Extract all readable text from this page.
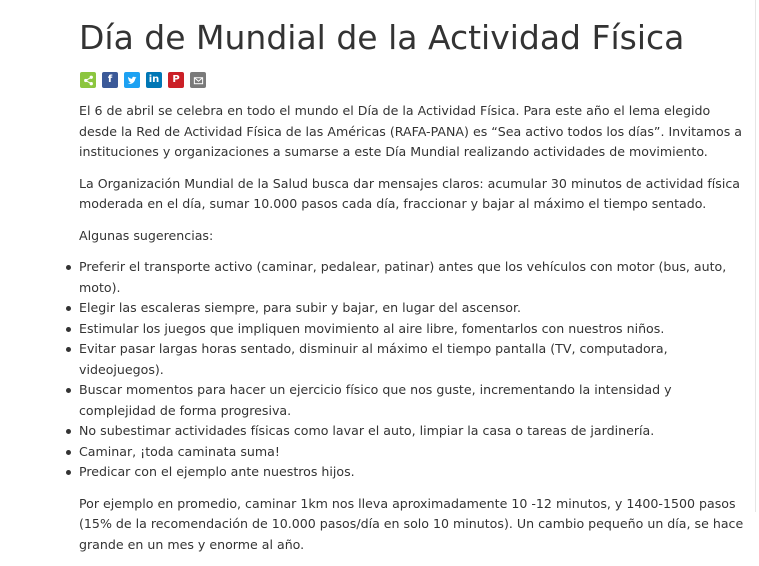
Día de Mundial de la Actividad Física
f	in	P

El 6 de abril se celebra en todo el mundo el Día de la Actividad Física. Para este año el lema elegido desde la Red de Actividad Física de las Américas (RAFA-PANA) es “Sea activo todos los días”. Invitamos a instituciones y organizaciones a sumarse a este Día Mundial realizando actividades de movimiento.

La Organización Mundial de la Salud busca dar mensajes claros: acumular 30 minutos de actividad física moderada en el día, sumar 10.000 pasos cada día, fraccionar y bajar al máximo el tiempo sentado.

Algunas sugerencias:

Preferir el transporte activo (caminar, pedalear, patinar) antes que los vehículos con motor (bus, auto, moto).
Elegir las escaleras siempre, para subir y bajar, en lugar del ascensor.
Estimular los juegos que impliquen movimiento al aire libre, fomentarlos con nuestros niños.
Evitar pasar largas horas sentado, disminuir al máximo el tiempo pantalla (TV, computadora, videojuegos).
Buscar momentos para hacer un ejercicio físico que nos guste, incrementando la intensidad y complejidad de forma progresiva.
No subestimar actividades físicas como lavar el auto, limpiar la casa o tareas de jardinería.
Caminar, ¡toda caminata suma!
Predicar con el ejemplo ante nuestros hijos.

Por ejemplo en promedio, caminar 1km nos lleva aproximadamente 10 -12 minutos, y 1400-1500 pasos (15% de la recomendación de 10.000 pasos/día en solo 10 minutos). Un cambio pequeño un día, se hace grande en un mes y enorme al año.
